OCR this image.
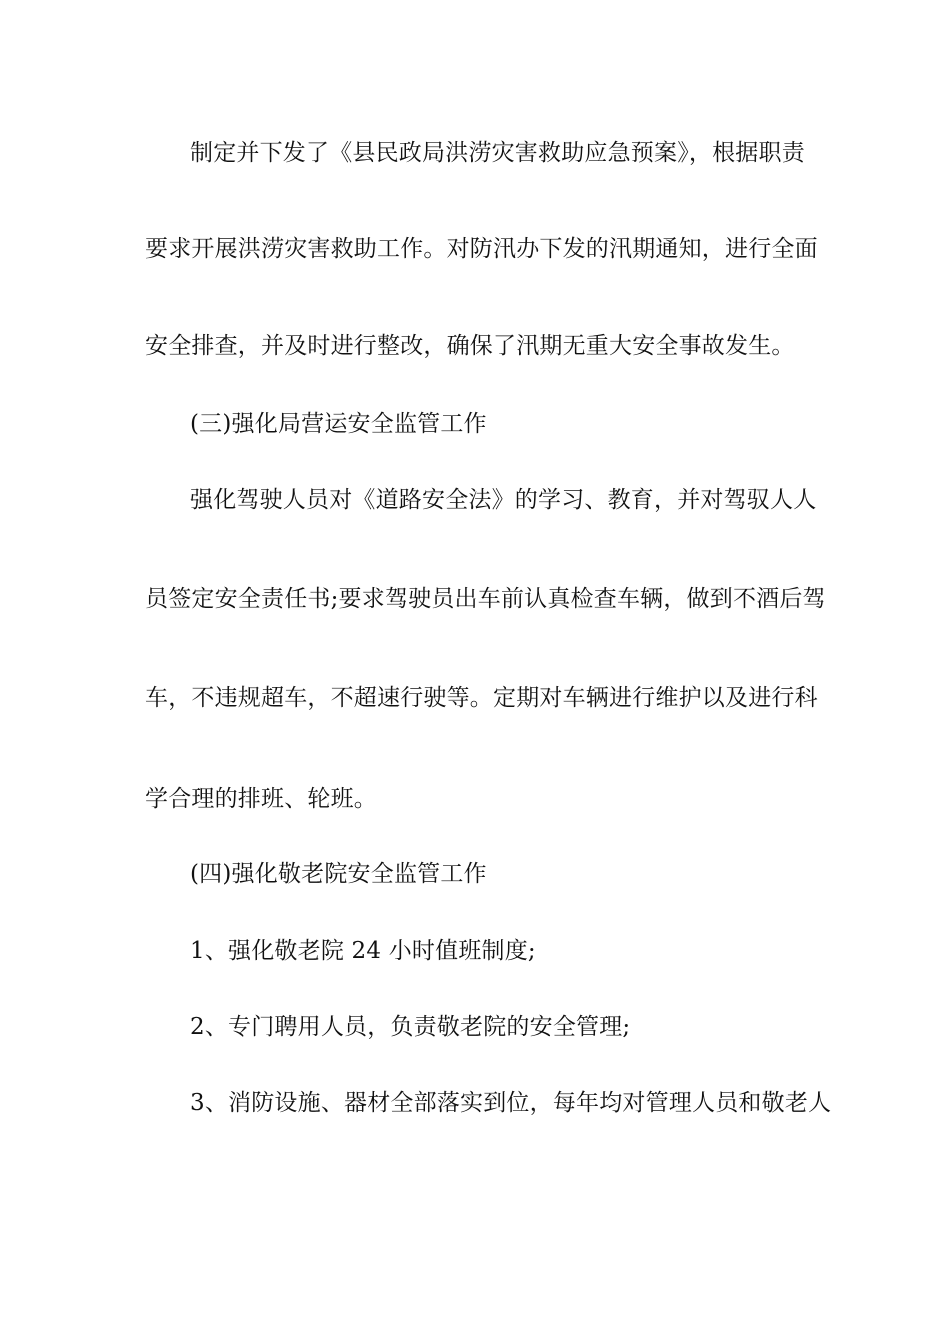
制定并下发了《县民政局洪涝灾害救助应急预案》，根据职责
要求开展洪涝灾害救助工作。对防汛办下发的汛期通知，进行全面
安全排查，并及时进行整改，确保了汛期无重大安全事故发生。
(三)强化局营运安全监管工作
强化驾驶人员对《道路安全法》的学习、教育，并对驾驭人人
员签定安全责任书;要求驾驶员出车前认真检查车辆，做到不酒后驾
车，不违规超车，不超速行驶等。定期对车辆进行维护以及进行科
学合理的排班、轮班。
(四)强化敬老院安全监管工作
1、强化敬老院 24 小时值班制度;
2、专门聘用人员，负责敬老院的安全管理;
3、消防设施、器材全部落实到位，每年均对管理人员和敬老人
